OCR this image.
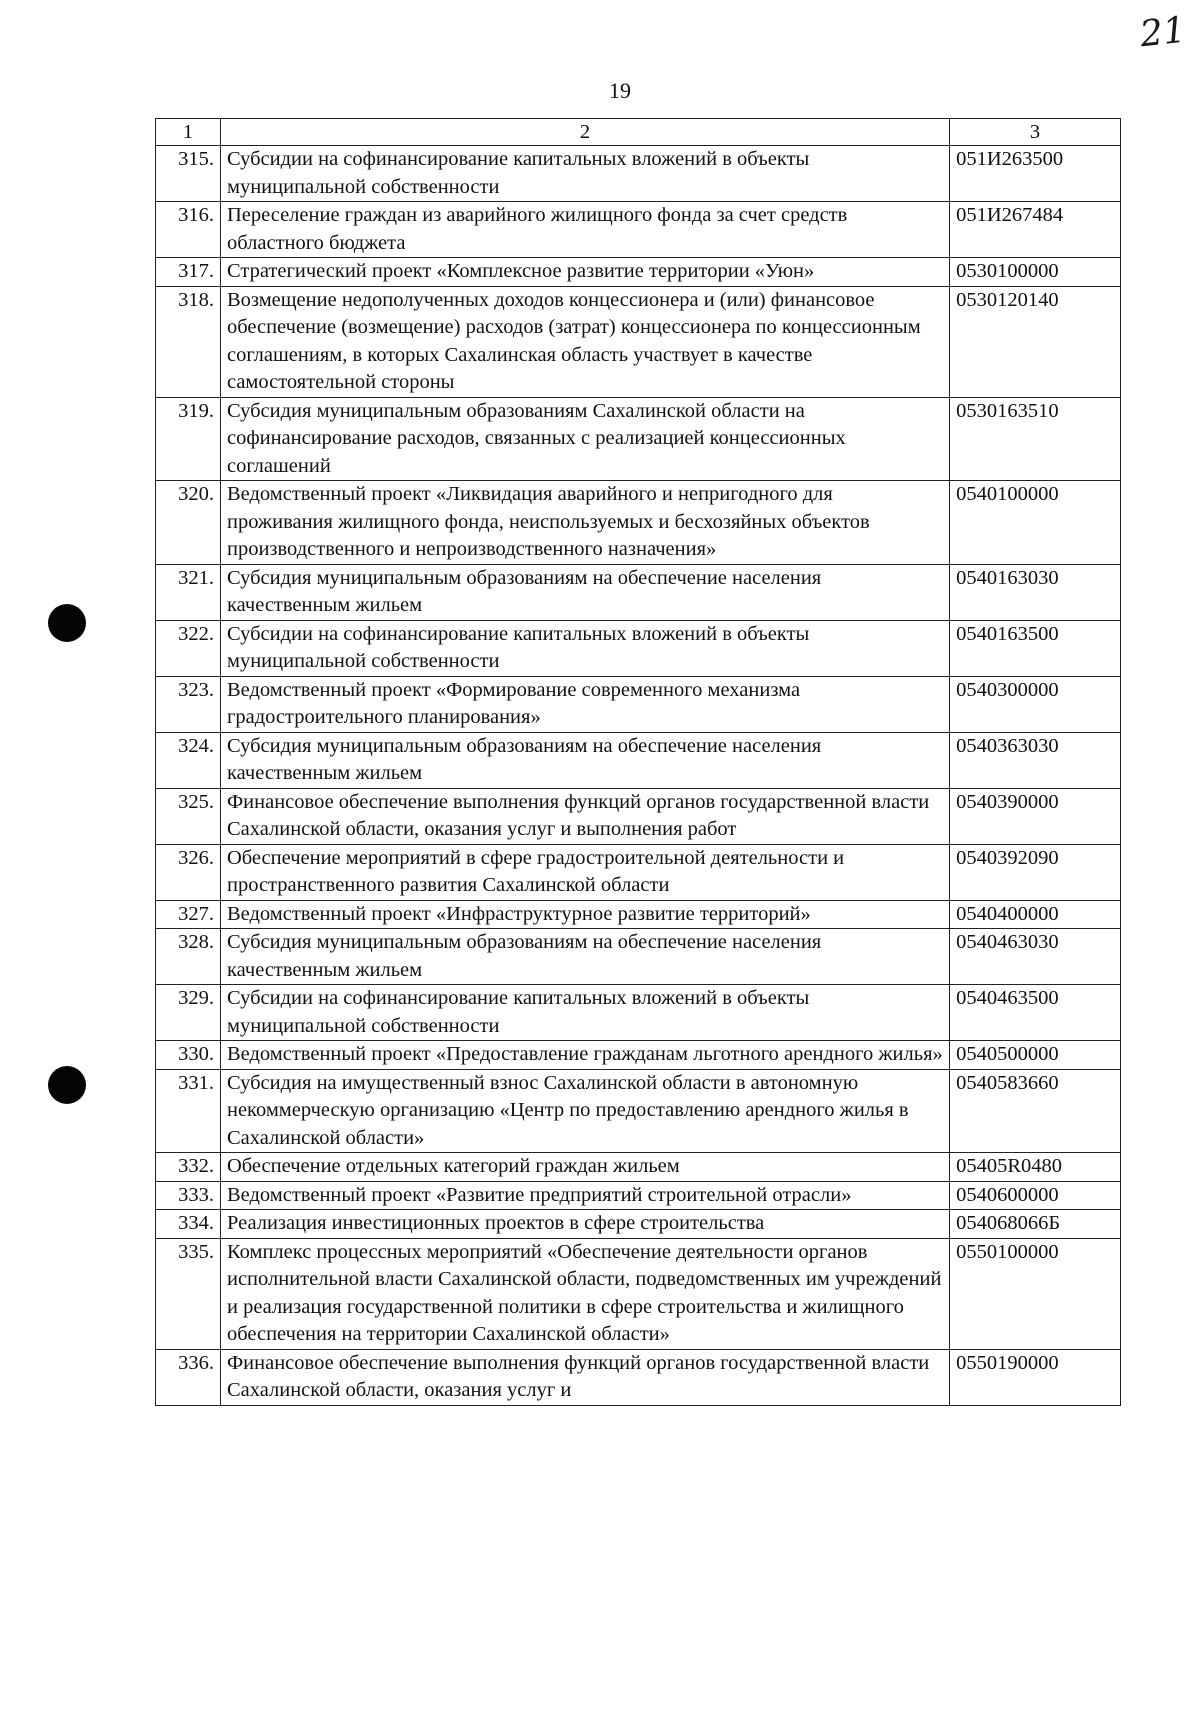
21
19
1	2	3
315.	Субсидии на софинансирование капитальных вложений в объекты муниципальной собственности	051И263500
316.	Переселение граждан из аварийного жилищного фонда за счет средств областного бюджета	051И267484
317.	Стратегический проект «Комплексное развитие территории «Уюн»	0530100000
318.	Возмещение недополученных доходов концессионера и (или) финансовое обеспечение (возмещение) расходов (затрат) концессионера по концессионным соглашениям, в которых Сахалинская область участвует в качестве самостоятельной стороны	0530120140
319.	Субсидия муниципальным образованиям Сахалинской области на софинансирование расходов, связанных с реализацией концессионных соглашений	0530163510
320.	Ведомственный проект «Ликвидация аварийного и непригодного для проживания жилищного фонда, неиспользуемых и бесхозяйных объектов производственного и непроизводственного назначения»	0540100000
321.	Субсидия муниципальным образованиям на обеспечение населения качественным жильем	0540163030
322.	Субсидии на софинансирование капитальных вложений в объекты муниципальной собственности	0540163500
323.	Ведомственный проект «Формирование современного механизма градостроительного планирования»	0540300000
324.	Субсидия муниципальным образованиям на обеспечение населения качественным жильем	0540363030
325.	Финансовое обеспечение выполнения функций органов государственной власти Сахалинской области, оказания услуг и выполнения работ	0540390000
326.	Обеспечение мероприятий в сфере градостроительной деятельности и пространственного развития Сахалинской области	0540392090
327.	Ведомственный проект «Инфраструктурное развитие территорий»	0540400000
328.	Субсидия муниципальным образованиям на обеспечение населения качественным жильем	0540463030
329.	Субсидии на софинансирование капитальных вложений в объекты муниципальной собственности	0540463500
330.	Ведомственный проект «Предоставление гражданам льготного арендного жилья»	0540500000
331.	Субсидия на имущественный взнос Сахалинской области в автономную некоммерческую организацию «Центр по предоставлению арендного жилья в Сахалинской области»	0540583660
332.	Обеспечение отдельных категорий граждан жильем	05405R0480
333.	Ведомственный проект «Развитие предприятий строительной отрасли»	0540600000
334.	Реализация инвестиционных проектов в сфере строительства	054068066Б
335.	Комплекс процессных мероприятий «Обеспечение деятельности органов исполнительной власти Сахалинской области, подведомственных им учреждений и реализация государственной политики в сфере строительства и жилищного обеспечения на территории Сахалинской области»	0550100000
336.	Финансовое обеспечение выполнения функций органов государственной власти Сахалинской области, оказания услуг и	0550190000
